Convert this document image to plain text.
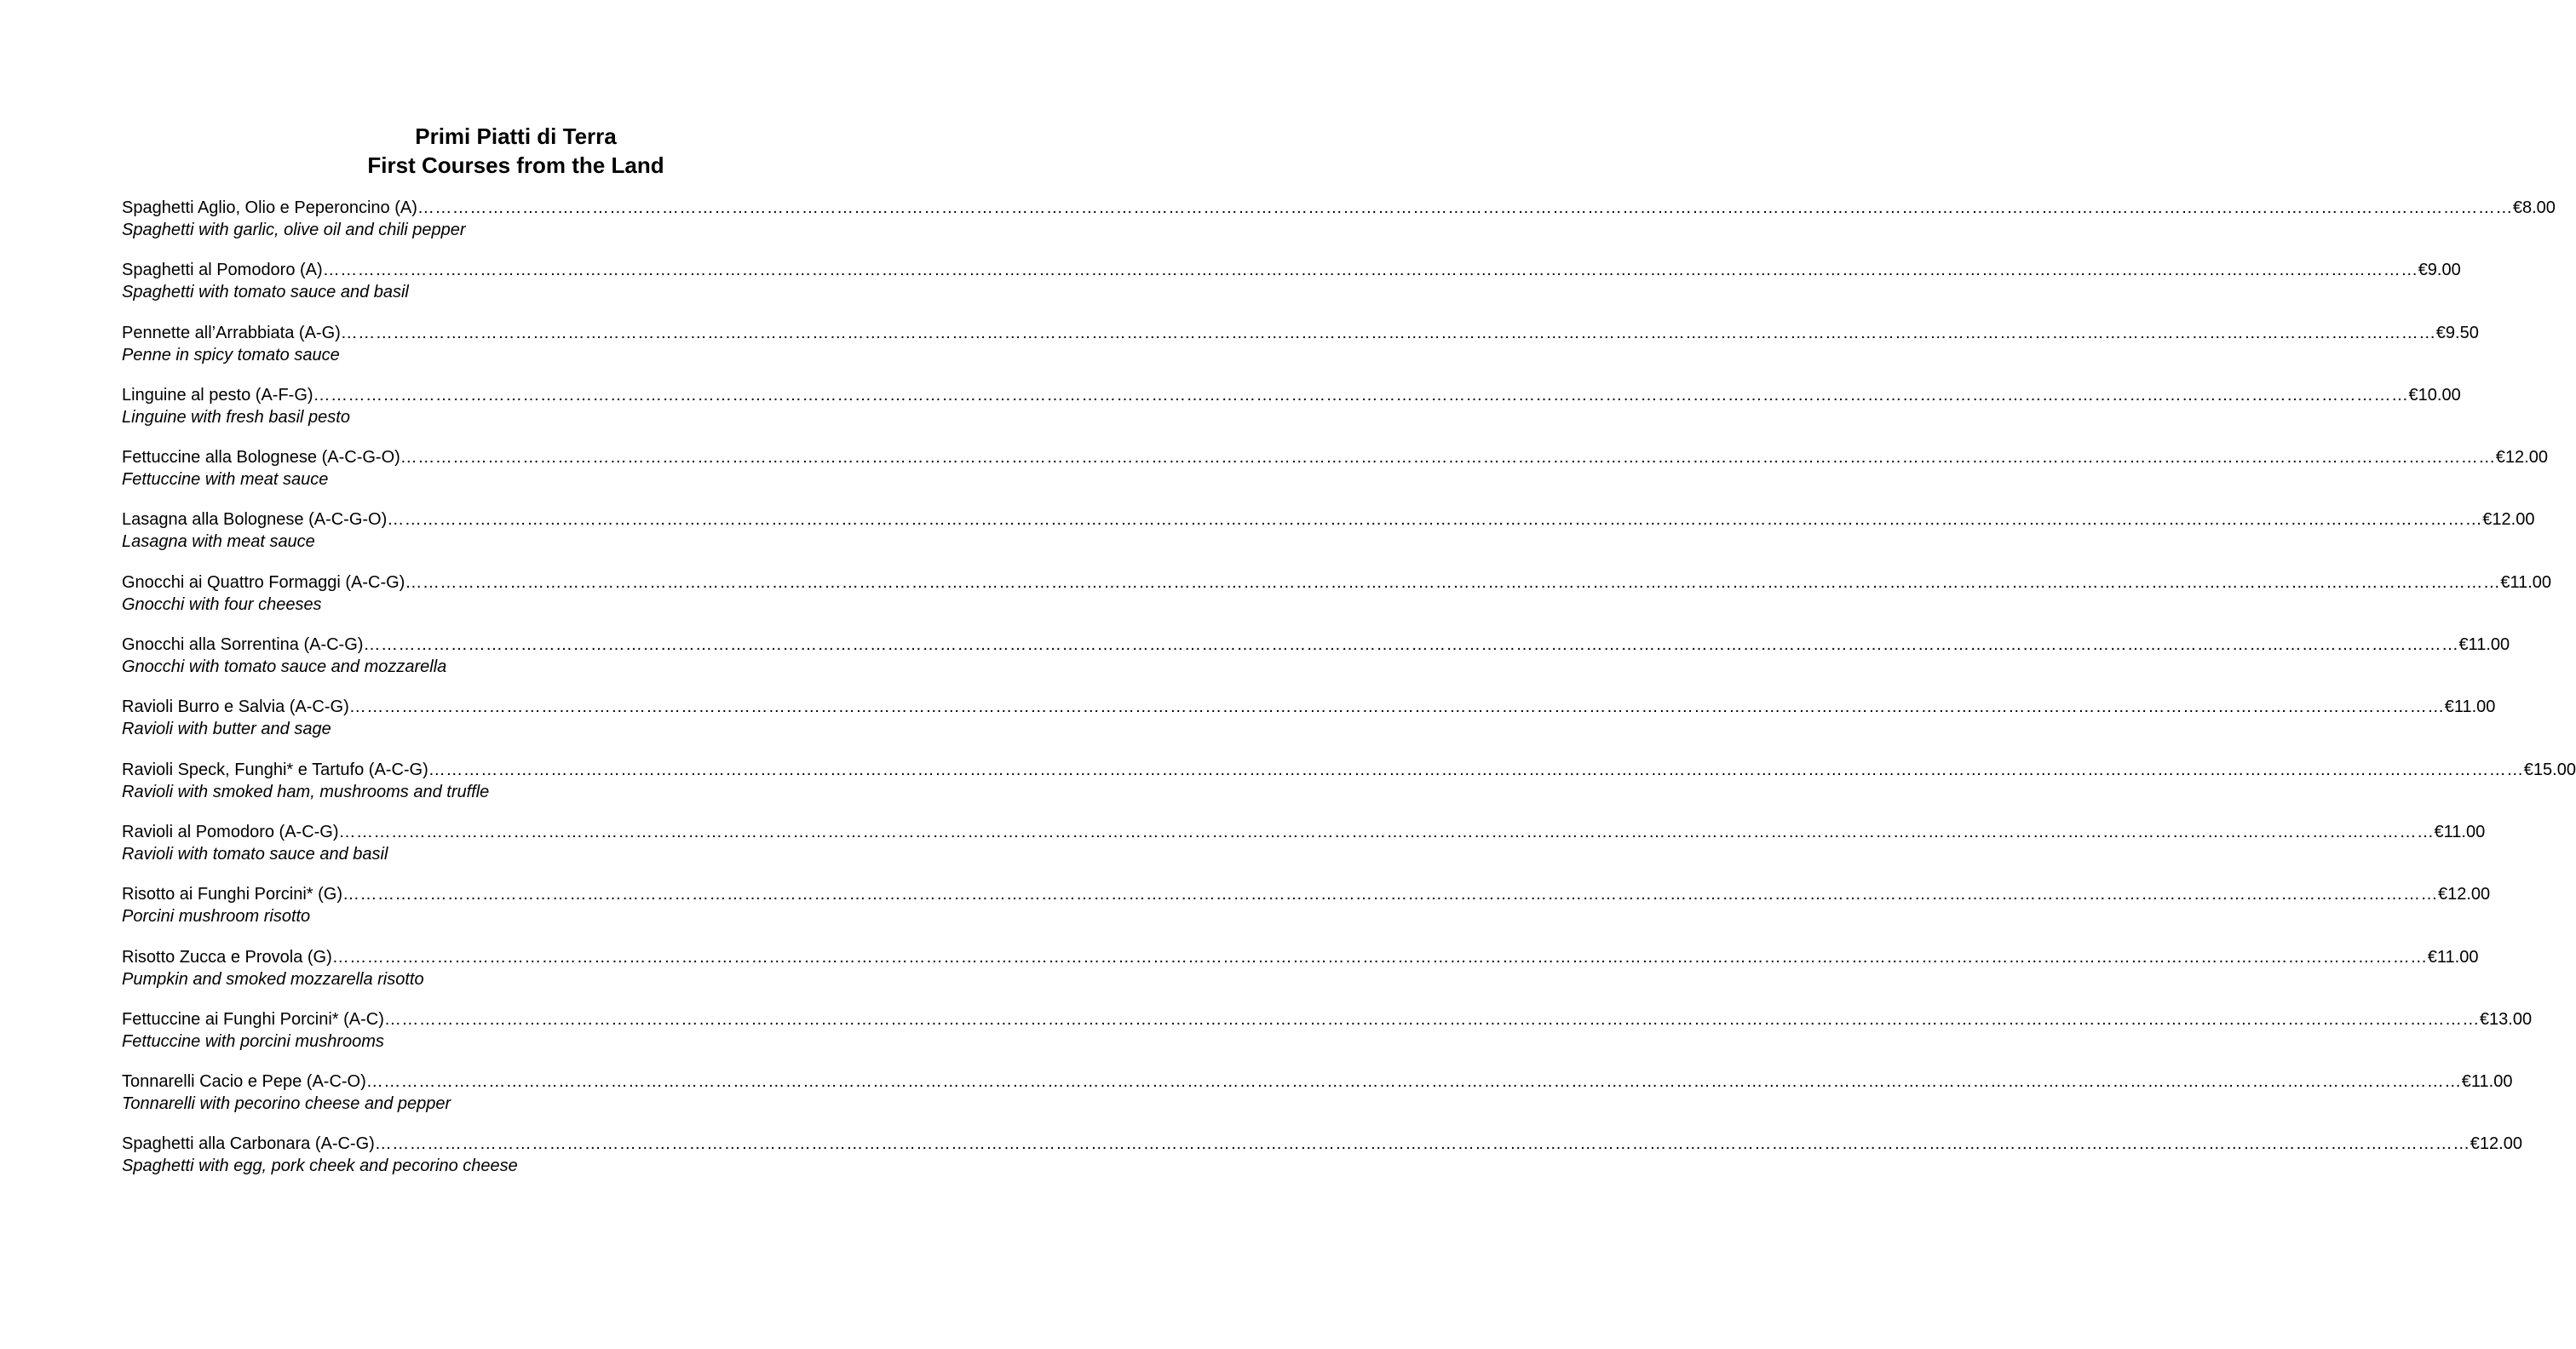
Primi Piatti di Terra
First Courses from the Land
Spaghetti Aglio, Olio e Peperoncino (A) ……………………………………………………………………………………………………………………………………………………………………………………………………………………………………………………………………………………………………………………………… €8.00
Spaghetti with garlic, olive oil and chili pepper
Spaghetti al Pomodoro (A) ……………………………………………………………………………………………………………………………………………………………………………………………………………………………………………………………………………………………………………………………… €9.00
Spaghetti with tomato sauce and basil
Pennette all’Arrabbiata (A-G) ……………………………………………………………………………………………………………………………………………………………………………………………………………………………………………………………………………………………………………………………… €9.50
Penne in spicy tomato sauce
Linguine al pesto (A-F-G) ……………………………………………………………………………………………………………………………………………………………………………………………………………………………………………………………………………………………………………………………… €10.00
Linguine with fresh basil pesto
Fettuccine alla Bolognese (A-C-G-O) ……………………………………………………………………………………………………………………………………………………………………………………………………………………………………………………………………………………………………………………………… €12.00
Fettuccine with meat sauce
Lasagna alla Bolognese (A-C-G-O) ……………………………………………………………………………………………………………………………………………………………………………………………………………………………………………………………………………………………………………………………… €12.00
Lasagna with meat sauce
Gnocchi ai Quattro Formaggi (A-C-G) ……………………………………………………………………………………………………………………………………………………………………………………………………………………………………………………………………………………………………………………………… €11.00
Gnocchi with four cheeses
Gnocchi alla Sorrentina (A-C-G) ……………………………………………………………………………………………………………………………………………………………………………………………………………………………………………………………………………………………………………………………… €11.00
Gnocchi with tomato sauce and mozzarella
Ravioli Burro e Salvia (A-C-G) ……………………………………………………………………………………………………………………………………………………………………………………………………………………………………………………………………………………………………………………………… €11.00
Ravioli with butter and sage
Ravioli Speck, Funghi* e Tartufo (A-C-G) ……………………………………………………………………………………………………………………………………………………………………………………………………………………………………………………………………………………………………………………………… €15.00
Ravioli with smoked ham, mushrooms and truffle
Ravioli al Pomodoro (A-C-G) ……………………………………………………………………………………………………………………………………………………………………………………………………………………………………………………………………………………………………………………………… €11.00
Ravioli with tomato sauce and basil
Risotto ai Funghi Porcini* (G) ……………………………………………………………………………………………………………………………………………………………………………………………………………………………………………………………………………………………………………………………… €12.00
Porcini mushroom risotto
Risotto Zucca e Provola (G) ……………………………………………………………………………………………………………………………………………………………………………………………………………………………………………………………………………………………………………………………… €11.00
Pumpkin and smoked mozzarella risotto
Fettuccine ai Funghi Porcini* (A-C) ……………………………………………………………………………………………………………………………………………………………………………………………………………………………………………………………………………………………………………………………… €13.00
Fettuccine with porcini mushrooms
Tonnarelli Cacio e Pepe (A-C-O) ……………………………………………………………………………………………………………………………………………………………………………………………………………………………………………………………………………………………………………………………… €11.00
Tonnarelli with pecorino cheese and pepper
Spaghetti alla Carbonara (A-C-G) ……………………………………………………………………………………………………………………………………………………………………………………………………………………………………………………………………………………………………………………………… €12.00
Spaghetti with egg, pork cheek and pecorino cheese
